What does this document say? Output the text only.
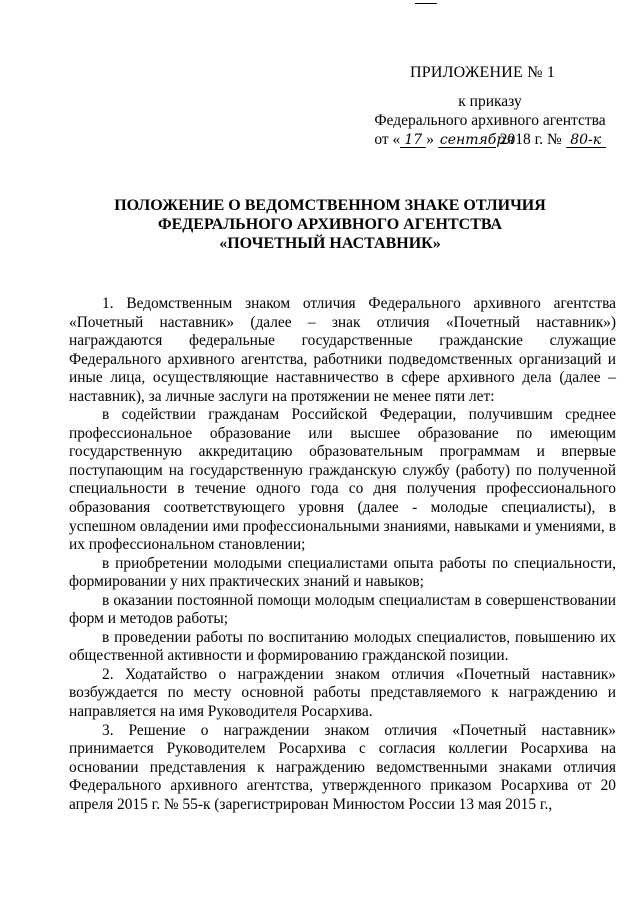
ПРИЛОЖЕНИЕ № 1
к приказу
Федерального архивного агентства
от « 17 » сентября 2018 г. № 80-к
ПОЛОЖЕНИЕ О ВЕДОМСТВЕННОМ ЗНАКЕ ОТЛИЧИЯ
ФЕДЕРАЛЬНОГО АРХИВНОГО АГЕНТСТВА
«ПОЧЕТНЫЙ НАСТАВНИК»

1. Ведомственным знаком отличия Федерального архивного агентства «Почетный наставник» (далее – знак отличия «Почетный наставник») награждаются федеральные государственные гражданские служащие Федерального архивного агентства, работники подведомственных организаций и иные лица, осуществляющие наставничество в сфере архивного дела (далее – наставник), за личные заслуги на протяжении не менее пяти лет:

в содействии гражданам Российской Федерации, получившим среднее профессиональное образование или высшее образование по имеющим государственную аккредитацию образовательным программам и впервые поступающим на государственную гражданскую службу (работу) по полученной специальности в течение одного года со дня получения профессионального образования соответствующего уровня (далее - молодые специалисты), в успешном овладении ими профессиональными знаниями, навыками и умениями, в их профессиональном становлении;

в приобретении молодыми специалистами опыта работы по специальности, формировании у них практических знаний и навыков;

в оказании постоянной помощи молодым специалистам в совершенствовании форм и методов работы;

в проведении работы по воспитанию молодых специалистов, повышению их общественной активности и формированию гражданской позиции.

2. Ходатайство о награждении знаком отличия «Почетный наставник» возбуждается по месту основной работы представляемого к награждению и направляется на имя Руководителя Росархива.

3. Решение о награждении знаком отличия «Почетный наставник» принимается Руководителем Росархива с согласия коллегии Росархива на основании представления к награждению ведомственными знаками отличия Федерального архивного агентства, утвержденного приказом Росархива от 20 апреля 2015 г. № 55-к (зарегистрирован Минюстом России 13 мая 2015 г.,
